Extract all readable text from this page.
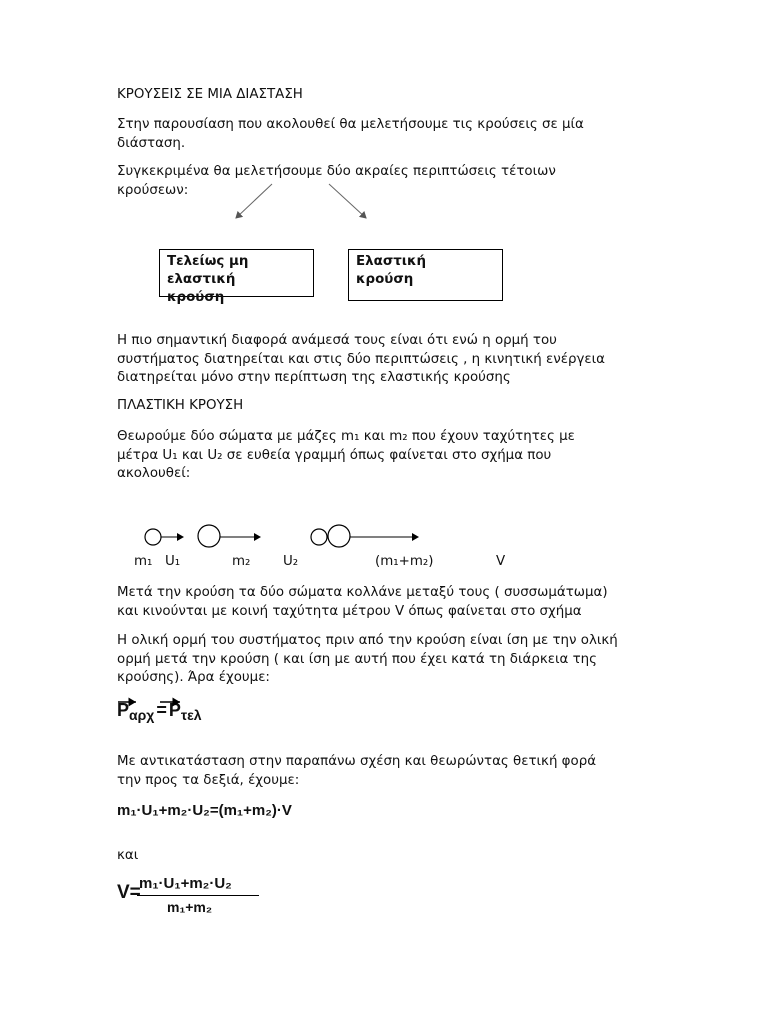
ΚΡΟΥΣΕΙΣ ΣΕ ΜΙΑ ΔΙΑΣΤΑΣΗ
Στην παρουσίαση που ακολουθεί θα μελετήσουμε τις κρούσεις σε μία
διάσταση.
Συγκεκριμένα θα μελετήσουμε δύο ακραίες περιπτώσεις τέτοιων
κρούσεων:
Τελείως μη
ελαστική
κρούση
Ελαστική
κρούση
Η πιο σημαντική διαφορά ανάμεσά τους είναι ότι ενώ η ορμή του
συστήματος διατηρείται και στις δύο περιπτώσεις , η κινητική ενέργεια
διατηρείται μόνο στην περίπτωση της ελαστικής κρούσης
ΠΛΑΣΤΙΚΗ ΚΡΟΥΣΗ
Θεωρούμε δύο σώματα με μάζες m₁ και m₂ που έχουν ταχύτητες με
μέτρα U₁ και U₂ σε ευθεία γραμμή όπως φαίνεται στο σχήμα που
ακολουθεί:
m₁ U₁	m₂ U₂	(m₁+m₂)	V
Μετά την κρούση τα δύο σώματα κολλάνε μεταξύ τους ( συσσωμάτωμα)
και κινούνται με κοινή ταχύτητα μέτρου V όπως φαίνεται στο σχήμα
Η ολική ορμή του συστήματος πριν από την κρούση είναι ίση με την ολική
ορμή μετά την κρούση ( και ίση με αυτή που έχει κατά τη διάρκεια της
κρούσης). Άρα έχουμε:
$P_{\alpha\rho\chi} = P_{\tau\varepsilon\lambda}$
Με αντικατάσταση στην παραπάνω σχέση και θεωρώντας θετική φορά
την προς τα δεξιά, έχουμε:
m₁·U₁+m₂·U₂=(m₁+m₂)·V
και
V=
m₁·U₁+m₂·U₂
m₁+m₂
